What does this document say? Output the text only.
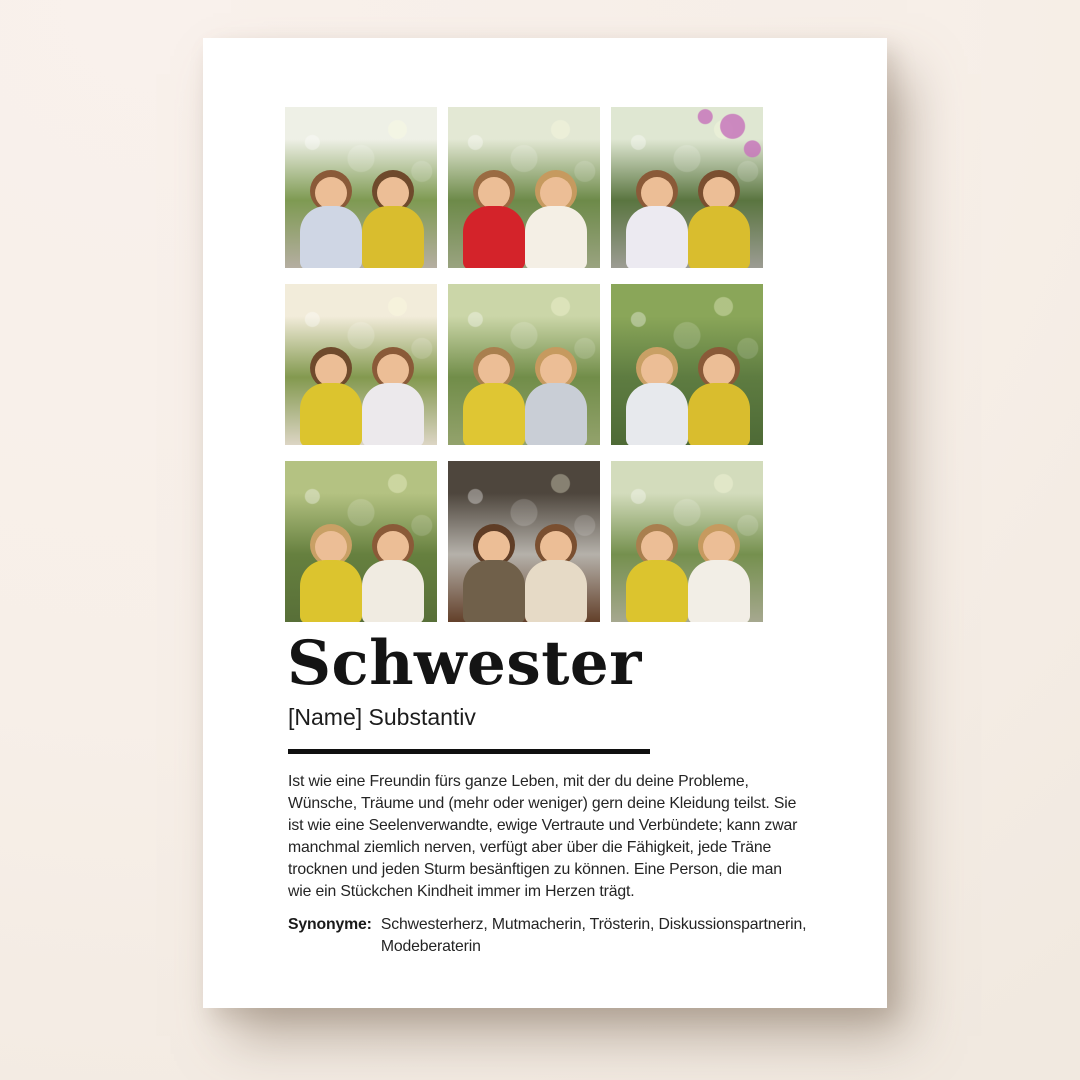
Schwester
[Name] Substantiv

Ist wie eine Freundin fürs ganze Leben, mit der du deine Probleme, Wünsche, Träume und (mehr oder weniger) gern deine Kleidung teilst. Sie ist wie eine Seelenverwandte, ewige Vertraute und Verbündete; kann zwar manchmal ziemlich nerven, verfügt aber über die Fähigkeit, jede Träne trocknen und jeden Sturm besänftigen zu können. Eine Person, die man wie ein Stückchen Kindheit immer im Herzen trägt.

Synonyme: Schwesterherz, Mutmacherin, Trösterin, Diskussionspartnerin, Modeberaterin
